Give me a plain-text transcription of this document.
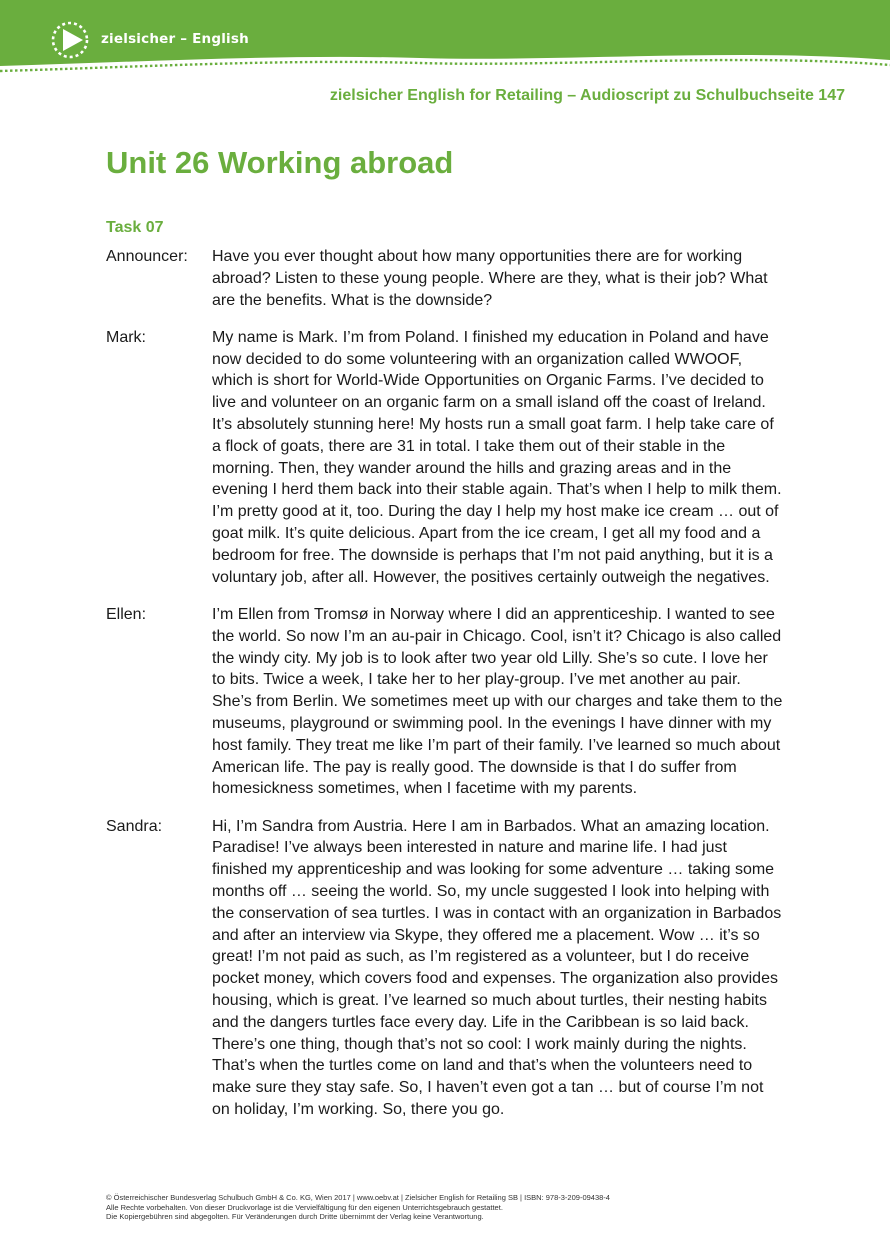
zielsicher – English
zielsicher English for Retailing – Audioscript zu Schulbuchseite 147
Unit 26 Working abroad
Task 07
Announcer:	Have you ever thought about how many opportunities there are for working abroad? Listen to these young people. Where are they, what is their job? What are the benefits. What is the downside?
Mark:	My name is Mark. I’m from Poland. I finished my education in Poland and have now decided to do some volunteering with an organization called WWOOF, which is short for World-Wide Opportunities on Organic Farms. I’ve decided to live and volunteer on an organic farm on a small island off the coast of Ireland. It’s absolutely stunning here! My hosts run a small goat farm. I help take care of a flock of goats, there are 31 in total. I take them out of their stable in the morning. Then, they wander around the hills and grazing areas and in the evening I herd them back into their stable again. That’s when I help to milk them. I’m pretty good at it, too. During the day I help my host make ice cream … out of goat milk. It’s quite delicious. Apart from the ice cream, I get all my food and a bedroom for free. The downside is perhaps that I’m not paid anything, but it is a voluntary job, after all. However, the positives certainly outweigh the negatives.
Ellen:	I’m Ellen from Tromsø in Norway where I did an apprenticeship. I wanted to see the world. So now I’m an au-pair in Chicago. Cool, isn’t it? Chicago is also called the windy city. My job is to look after two year old Lilly. She’s so cute. I love her to bits. Twice a week, I take her to her play-group. I’ve met another au pair. She’s from Berlin. We sometimes meet up with our charges and take them to the museums, playground or swimming pool. In the evenings I have dinner with my host family. They treat me like I’m part of their family. I’ve learned so much about American life. The pay is really good. The downside is that I do suffer from homesickness sometimes, when I facetime with my parents.
Sandra:	Hi, I’m Sandra from Austria. Here I am in Barbados. What an amazing location. Paradise! I’ve always been interested in nature and marine life. I had just finished my apprenticeship and was looking for some adventure … taking some months off … seeing the world. So, my uncle suggested I look into helping with the conservation of sea turtles. I was in contact with an organization in Barbados and after an interview via Skype, they offered me a placement. Wow … it’s so great! I’m not paid as such, as I’m registered as a volunteer, but I do receive pocket money, which covers food and expenses. The organization also provides housing, which is great. I’ve learned so much about turtles, their nesting habits and the dangers turtles face every day. Life in the Caribbean is so laid back. There’s one thing, though that’s not so cool: I work mainly during the nights. That’s when the turtles come on land and that’s when the volunteers need to make sure they stay safe. So, I haven’t even got a tan … but of course I’m not on holiday, I’m working. So, there you go.
© Österreichischer Bundesverlag Schulbuch GmbH & Co. KG, Wien 2017 | www.oebv.at | Zielsicher English for Retailing SB | ISBN: 978-3-209-09438-4
Alle Rechte vorbehalten. Von dieser Druckvorlage ist die Vervielfältigung für den eigenen Unterrichtsgebrauch gestattet.
Die Kopiergebühren sind abgegolten. Für Veränderungen durch Dritte übernimmt der Verlag keine Verantwortung.
